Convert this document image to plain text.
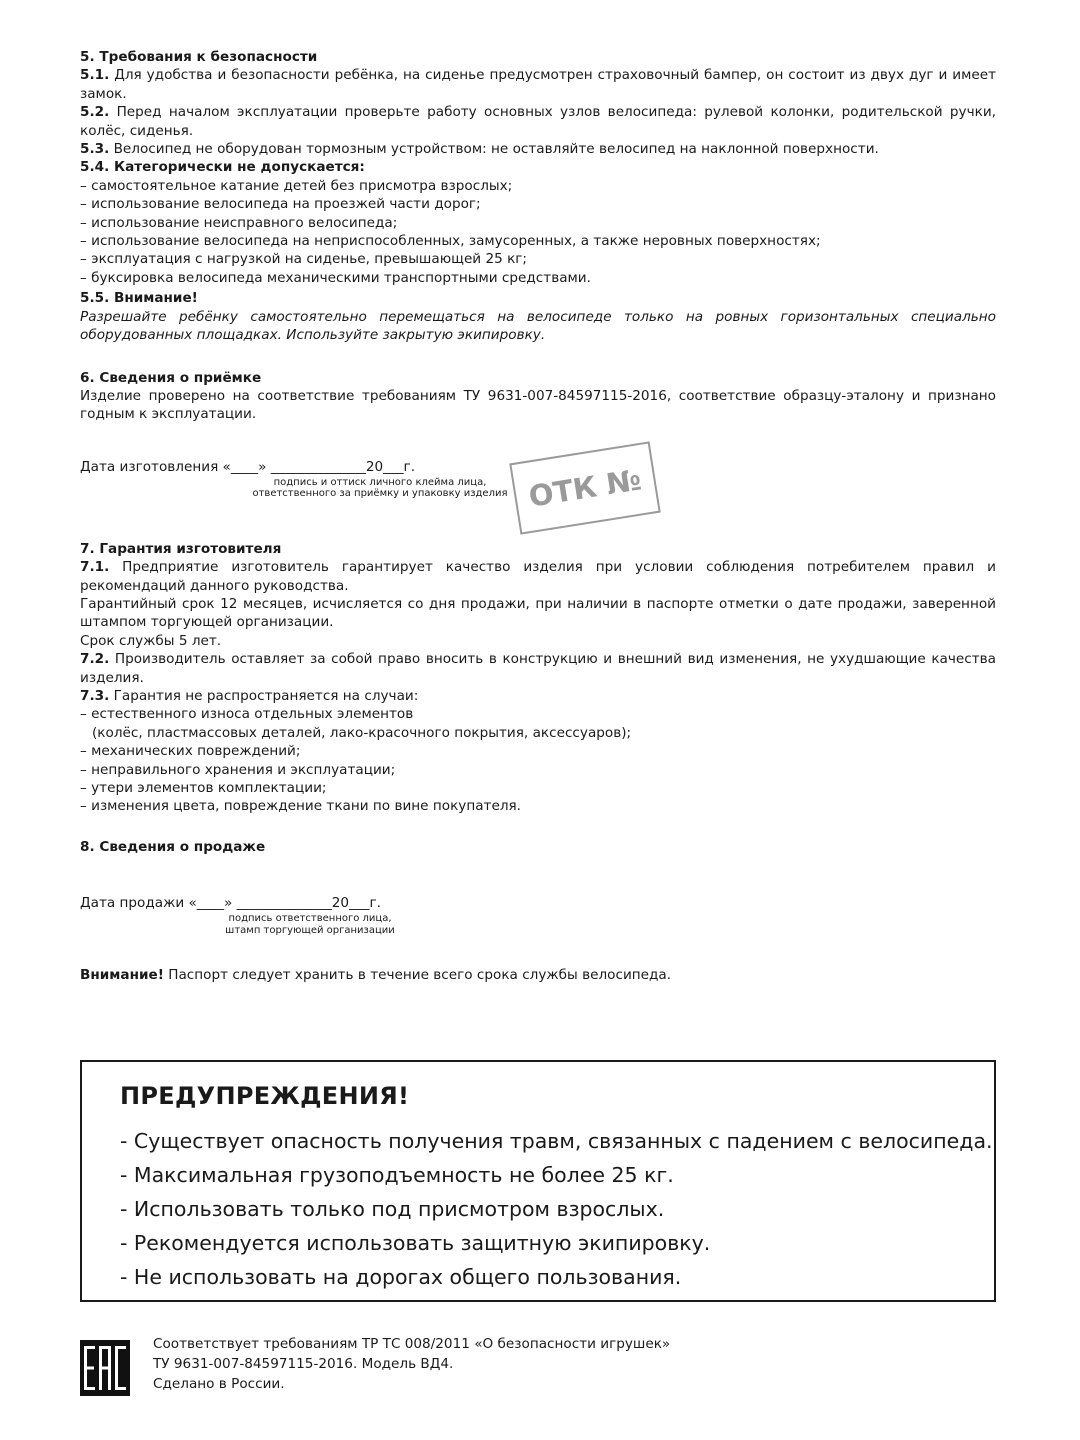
5. Требования к безопасности
5.1. Для удобства и безопасности ребёнка, на сиденье предусмотрен страховочный бампер, он состоит из двух дуг и имеет замок.
5.2. Перед началом эксплуатации проверьте работу основных узлов велосипеда: рулевой колонки, родительской ручки, колёс, сиденья.
5.3. Велосипед не оборудован тормозным устройством: не оставляйте велосипед на наклонной поверхности.
5.4. Категорически не допускается:
– самостоятельное катание детей без присмотра взрослых;
– использование велосипеда на проезжей части дорог;
– использование неисправного велосипеда;
– использование велосипеда на неприспособленных, замусоренных, а также неровных поверхностях;
– эксплуатация с нагрузкой на сиденье, превышающей 25 кг;
– буксировка велосипеда механическими транспортными средствами.
5.5. Внимание!
Разрешайте ребёнку самостоятельно перемещаться на велосипеде только на ровных горизонтальных специально оборудованных площадках. Используйте закрытую экипировку.
6. Сведения о приёмке
Изделие проверено на соответствие требованиям ТУ 9631-007-84597115-2016, соответствие образцу-эталону и признано годным к эксплуатации.
Дата изготовления «____» ______________20___г.
подпись и оттиск личного клейма лица,
ответственного за приёмку и упаковку изделия
7. Гарантия изготовителя
7.1. Предприятие изготовитель гарантирует качество изделия при условии соблюдения потребителем правил и рекомендаций данного руководства.
Гарантийный срок 12 месяцев, исчисляется со дня продажи, при наличии в паспорте отметки о дате продажи, заверенной штампом торгующей организации.
Срок службы 5 лет.
7.2. Производитель оставляет за собой право вносить в конструкцию и внешний вид изменения, не ухудшающие качества изделия.
7.3. Гарантия не распространяется на случаи:
– естественного износа отдельных элементов
(колёс, пластмассовых деталей, лако-красочного покрытия, аксессуаров);
– механических повреждений;
– неправильного хранения и эксплуатации;
– утери элементов комплектации;
– изменения цвета, повреждение ткани по вине покупателя.
8. Сведения о продаже
Дата продажи «____» ______________20___г.
подпись ответственного лица,
штамп торгующей организации
Внимание! Паспорт следует хранить в течение всего срока службы велосипеда.
ОТК №
ПРЕДУПРЕЖДЕНИЯ!
- Существует опасность получения травм, связанных с падением с велосипеда.
- Максимальная грузоподъемность не более 25 кг.
- Использовать только под присмотром взрослых.
- Рекомендуется использовать защитную экипировку.
- Не использовать на дорогах общего пользования.
Соответствует требованиям ТР ТС 008/2011 «О безопасности игрушек»
ТУ 9631-007-84597115-2016. Модель ВД4.
Сделано в России.
